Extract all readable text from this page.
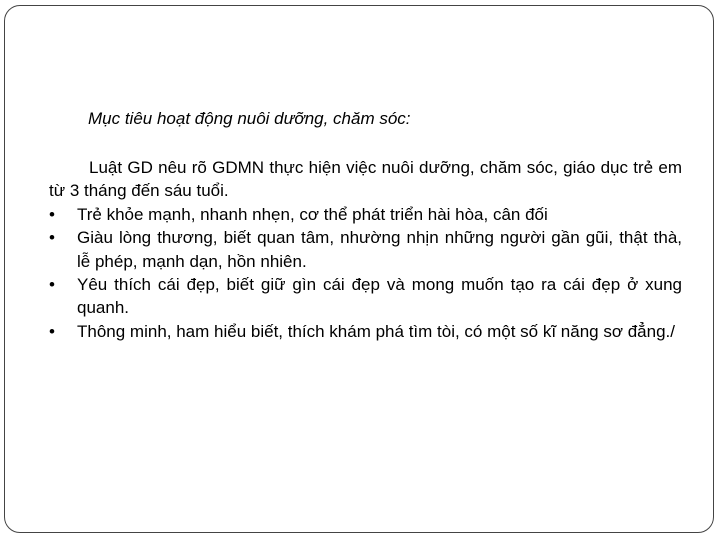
Mục tiêu hoạt động nuôi dưỡng, chăm sóc:

Luật GD nêu rõ GDMN thực hiện việc nuôi dưỡng, chăm sóc, giáo dục trẻ em từ 3 tháng đến sáu tuổi.

• Trẻ khỏe mạnh, nhanh nhẹn, cơ thể phát triển hài hòa, cân đối
• Giàu lòng thương, biết quan tâm, nhường nhịn những người gần gũi, thật thà, lễ phép, mạnh dạn, hồn nhiên.
• Yêu thích cái đẹp, biết giữ gìn cái đẹp và mong muốn tạo ra cái đẹp ở xung quanh.
• Thông minh, ham hiểu biết, thích khám phá tìm tòi, có một số kĩ năng sơ đẳng./
